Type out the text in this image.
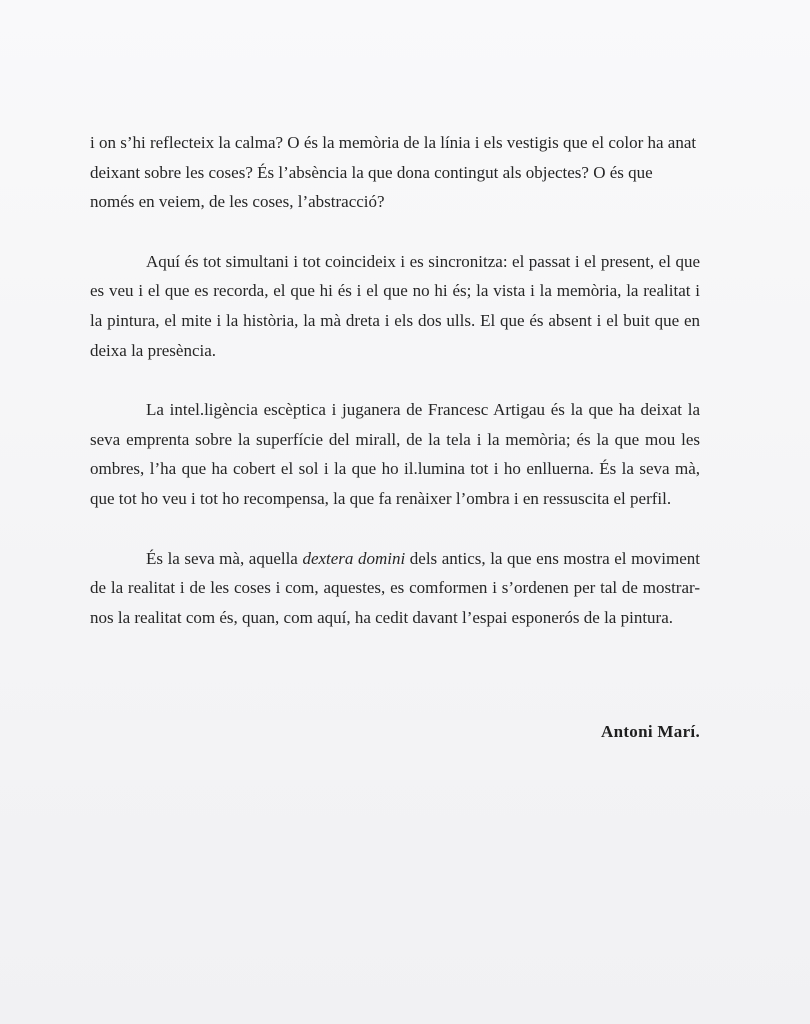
i on s’hi reflecteix la calma? O és la memòria de la línia i els vestigis que el color ha anat deixant sobre les coses? És l’absència la que dona contingut als objectes? O és que només en veiem, de les coses, l’abstracció?

Aquí és tot simultani i tot coincideix i es sincronitza: el passat i el present, el que es veu i el que es recorda, el que hi és i el que no hi és; la vista i la memòria, la realitat i la pintura, el mite i la història, la mà dreta i els dos ulls. El que és absent i el buit que en deixa la presència.

La intel.ligència escèptica i juganera de Francesc Artigau és la que ha deixat la seva emprenta sobre la superfície del mirall, de la tela i la memòria; és la que mou les ombres, l’ha que ha cobert el sol i la que ho il.lumina tot i ho enlluerna. És la seva mà, que tot ho veu i tot ho recompensa, la que fa renàixer l’ombra i en ressuscita el perfil.

És la seva mà, aquella dextera domini dels antics, la que ens mostra el moviment de la realitat i de les coses i com, aquestes, es comformen i s’ordenen per tal de mostrar-nos la realitat com és, quan, com aquí, ha cedit davant l’espai esponerós de la pintura.

Antoni Marí.
